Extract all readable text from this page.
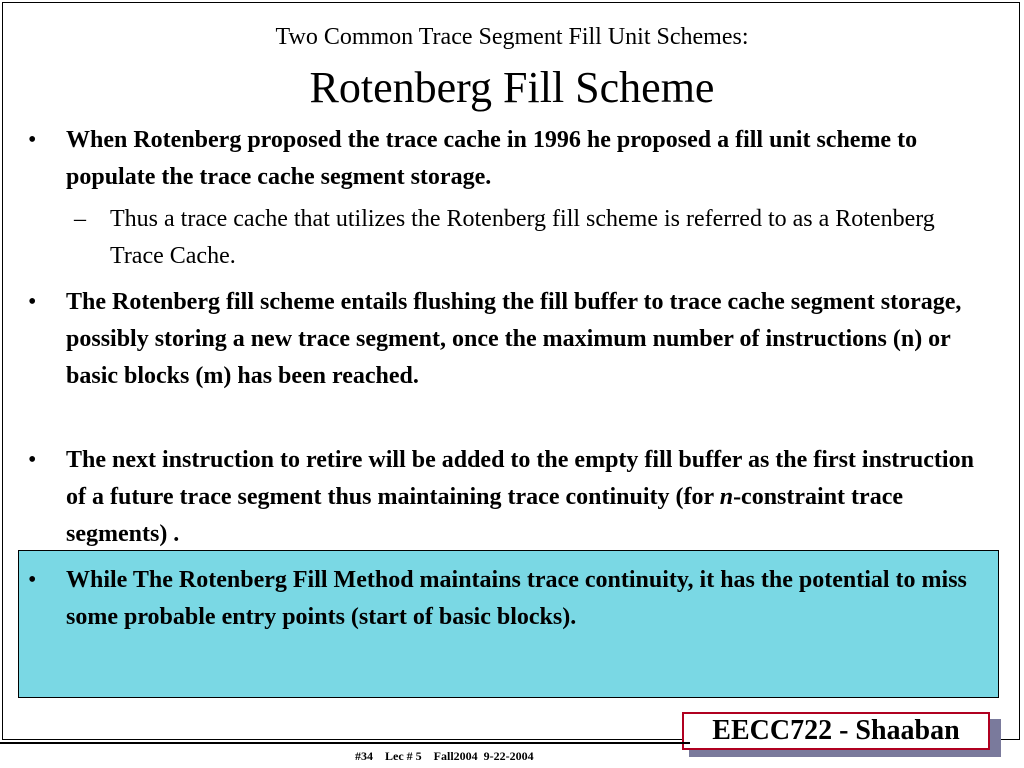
Two Common Trace Segment Fill Unit Schemes:
Rotenberg Fill Scheme
• When Rotenberg proposed the trace cache in 1996 he proposed a fill unit scheme to populate the trace cache segment storage.
– Thus a trace cache that utilizes the Rotenberg fill scheme is referred to as a Rotenberg Trace Cache.
• The Rotenberg fill scheme entails flushing the fill buffer to trace cache segment storage, possibly storing a new trace segment, once the maximum number of instructions (n) or basic blocks (m) has been reached.
• The next instruction to retire will be added to the empty fill buffer as the first instruction of a future trace segment thus maintaining trace continuity (for n-constraint trace segments) .
• While The Rotenberg Fill Method maintains trace continuity, it has the potential to miss some probable entry points (start of basic blocks).
EECC722 - Shaaban
#34    Lec # 5    Fall2004  9-22-2004
